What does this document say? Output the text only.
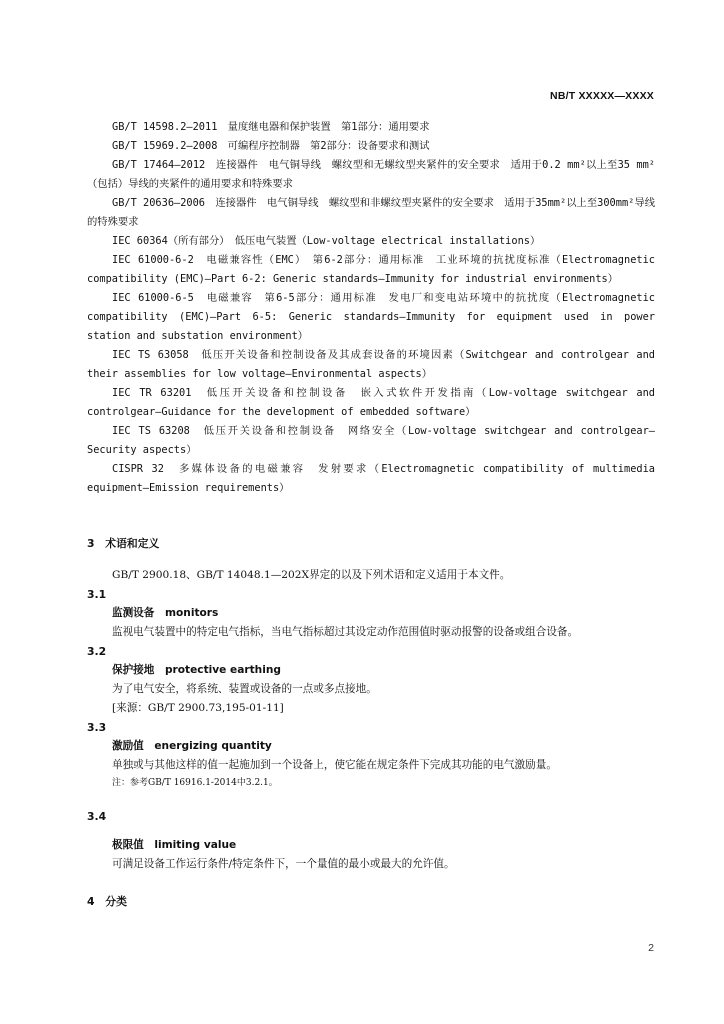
NB/T XXXXX—XXXX
GB/T 14598.2—2011　量度继电器和保护装置　第1部分：通用要求
GB/T 15969.2—2008　可编程序控制器　第2部分：设备要求和测试
GB/T 17464—2012　连接器件　电气铜导线　螺纹型和无螺纹型夹紧件的安全要求　适用于0.2 mm²以上至35 mm²（包括）导线的夹紧件的通用要求和特殊要求
GB/T 20636—2006　连接器件　电气铜导线　螺纹型和非螺纹型夹紧件的安全要求　适用于35mm²以上至300mm²导线的特殊要求
IEC 60364（所有部分）　低压电气装置（Low-voltage electrical installations）
IEC 61000-6-2　电磁兼容性（EMC）　第6-2部分：通用标准　工业环境的抗扰度标准（Electromagnetic compatibility (EMC)—Part 6-2: Generic standards—Immunity for industrial environments）
IEC 61000-6-5　电磁兼容　第6-5部分：通用标准　发电厂和变电站环境中的抗扰度（Electromagnetic compatibility (EMC)—Part 6-5: Generic standards—Immunity for equipment used in power station and substation environment）
IEC TS 63058　低压开关设备和控制设备及其成套设备的环境因素（Switchgear and controlgear and their assemblies for low voltage—Environmental aspects）
IEC TR 63201　低压开关设备和控制设备　嵌入式软件开发指南（Low-voltage switchgear and controlgear—Guidance for the development of embedded software）
IEC TS 63208　低压开关设备和控制设备　网络安全（Low-voltage switchgear and controlgear—Security aspects）
CISPR 32　多媒体设备的电磁兼容　发射要求（Electromagnetic compatibility of multimedia equipment—Emission requirements）
3　术语和定义
GB/T 2900.18、GB/T 14048.1—202X界定的以及下列术语和定义适用于本文件。
3.1
监测设备　monitors
监视电气装置中的特定电气指标，当电气指标超过其设定动作范围值时驱动报警的设备或组合设备。
3.2
保护接地　protective earthing
为了电气安全，将系统、装置或设备的一点或多点接地。
[来源：GB/T 2900.73,195-01-11]
3.3
激励值　energizing quantity
单独或与其他这样的值一起施加到一个设备上，使它能在规定条件下完成其功能的电气激励量。
注：参考GB/T 16916.1-2014中3.2.1。
3.4
极限值　limiting value
可满足设备工作运行条件/特定条件下，一个量值的最小或最大的允许值。
4　分类
2
